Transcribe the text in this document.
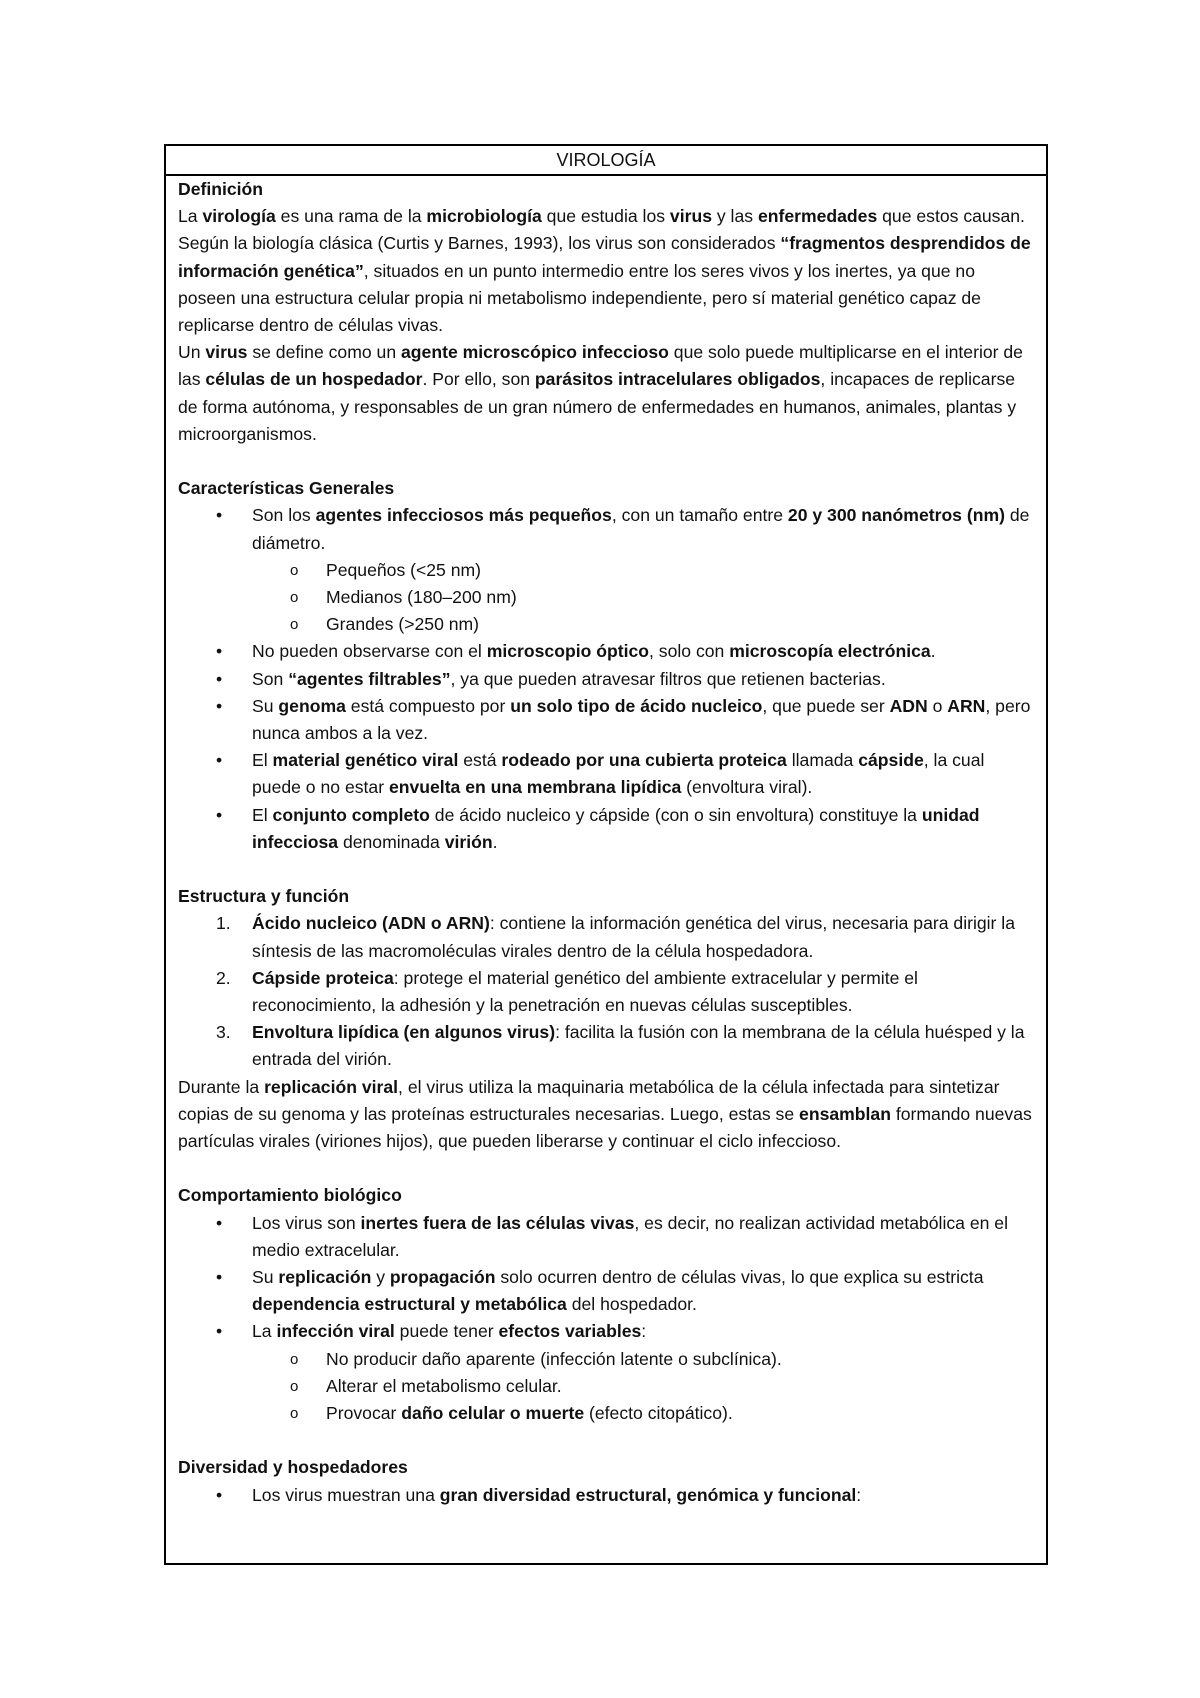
VIROLOGÍA

Definición

La virología es una rama de la microbiología que estudia los virus y las enfermedades que estos causan.

Según la biología clásica (Curtis y Barnes, 1993), los virus son considerados “fragmentos desprendidos de información genética”, situados en un punto intermedio entre los seres vivos y los inertes, ya que no poseen una estructura celular propia ni metabolismo independiente, pero sí material genético capaz de replicarse dentro de células vivas.

Un virus se define como un agente microscópico infeccioso que solo puede multiplicarse en el interior de las células de un hospedador. Por ello, son parásitos intracelulares obligados, incapaces de replicarse de forma autónoma, y responsables de un gran número de enfermedades en humanos, animales, plantas y microorganismos.

Características Generales

• Son los agentes infecciosos más pequeños, con un tamaño entre 20 y 300 nanómetros (nm) de diámetro.
o Pequeños (<25 nm)
o Medianos (180–200 nm)
o Grandes (>250 nm)
• No pueden observarse con el microscopio óptico, solo con microscopía electrónica.
• Son “agentes filtrables”, ya que pueden atravesar filtros que retienen bacterias.
• Su genoma está compuesto por un solo tipo de ácido nucleico, que puede ser ADN o ARN, pero nunca ambos a la vez.
• El material genético viral está rodeado por una cubierta proteica llamada cápside, la cual puede o no estar envuelta en una membrana lipídica (envoltura viral).
• El conjunto completo de ácido nucleico y cápside (con o sin envoltura) constituye la unidad infecciosa denominada virión.

Estructura y función

1. Ácido nucleico (ADN o ARN): contiene la información genética del virus, necesaria para dirigir la síntesis de las macromoléculas virales dentro de la célula hospedadora.
2. Cápside proteica: protege el material genético del ambiente extracelular y permite el reconocimiento, la adhesión y la penetración en nuevas células susceptibles.
3. Envoltura lipídica (en algunos virus): facilita la fusión con la membrana de la célula huésped y la entrada del virión.

Durante la replicación viral, el virus utiliza la maquinaria metabólica de la célula infectada para sintetizar copias de su genoma y las proteínas estructurales necesarias. Luego, estas se ensamblan formando nuevas partículas virales (viriones hijos), que pueden liberarse y continuar el ciclo infeccioso.

Comportamiento biológico

• Los virus son inertes fuera de las células vivas, es decir, no realizan actividad metabólica en el medio extracelular.
• Su replicación y propagación solo ocurren dentro de células vivas, lo que explica su estricta dependencia estructural y metabólica del hospedador.
• La infección viral puede tener efectos variables:
o No producir daño aparente (infección latente o subclínica).
o Alterar el metabolismo celular.
o Provocar daño celular o muerte (efecto citopático).

Diversidad y hospedadores

• Los virus muestran una gran diversidad estructural, genómica y funcional:
